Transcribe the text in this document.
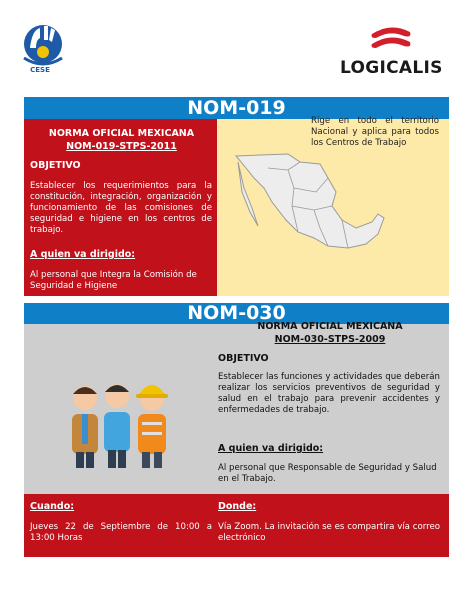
CESE	LOGICALIS
NOM-019
NORMA OFICIAL MEXICANA
NOM-019-STPS-2011
OBJETIVO
Establecer los requerimientos para la constitución, integración, organización y funcionamiento de las comisiones de seguridad e higiene en los centros de trabajo.
A quien va dirigido:
Al personal que Integra la Comisión de Seguridad e Higiene
Rige en todo el territorio Nacional y aplica para todos los Centros de Trabajo
NOM-030
NORMA OFICIAL MEXICANA
NOM-030-STPS-2009
OBJETIVO
Establecer las funciones y actividades que deberán realizar los servicios preventivos de seguridad y salud en el trabajo para prevenir accidentes y enfermedades de trabajo.
A quien va dirigido:
Al personal que Responsable de Seguridad y Salud en el Trabajo.
Cuando:
Jueves 22 de Septiembre de 10:00 a 13:00 Horas
Donde:
Vía Zoom. La invitación se es compartira vía correo electrónico
